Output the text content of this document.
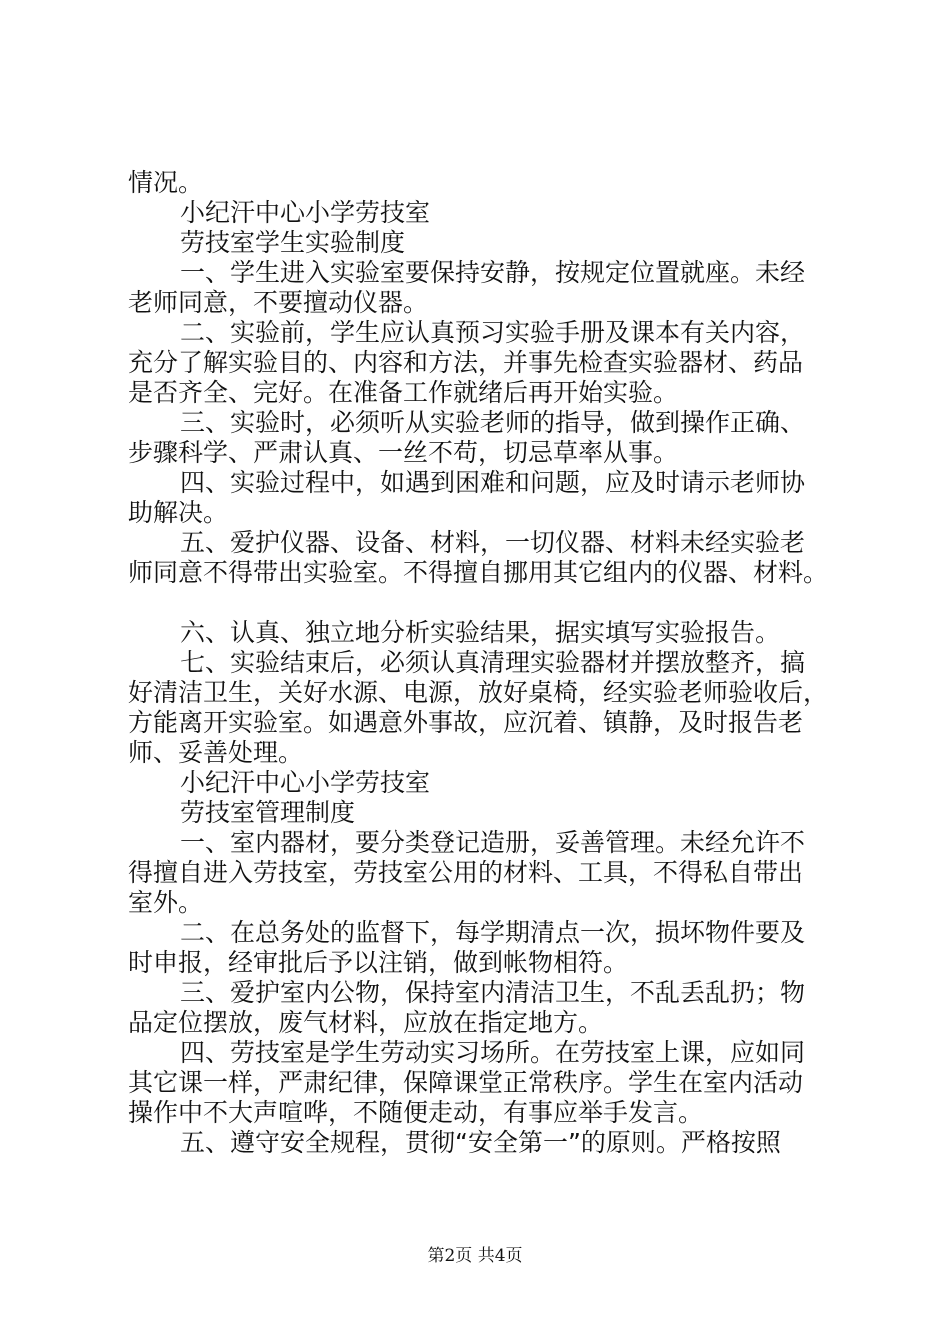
情况。
小纪汗中心小学劳技室
劳技室学生实验制度
一、学生进入实验室要保持安静，按规定位置就座。未经
老师同意，不要擅动仪器。
二、实验前，学生应认真预习实验手册及课本有关内容，
充分了解实验目的、内容和方法，并事先检查实验器材、药品
是否齐全、完好。在准备工作就绪后再开始实验。
三、实验时，必须听从实验老师的指导，做到操作正确、
步骤科学、严肃认真、一丝不苟，切忌草率从事。
四、实验过程中，如遇到困难和问题，应及时请示老师协
助解决。
五、爱护仪器、设备、材料，一切仪器、材料未经实验老
师同意不得带出实验室。不得擅自挪用其它组内的仪器、材料。
六、认真、独立地分析实验结果，据实填写实验报告。
七、实验结束后，必须认真清理实验器材并摆放整齐，搞
好清洁卫生，关好水源、电源，放好桌椅，经实验老师验收后，
方能离开实验室。如遇意外事故，应沉着、镇静，及时报告老
师、妥善处理。
小纪汗中心小学劳技室
劳技室管理制度
一、室内器材，要分类登记造册，妥善管理。未经允许不
得擅自进入劳技室，劳技室公用的材料、工具，不得私自带出
室外。
二、在总务处的监督下，每学期清点一次，损坏物件要及
时申报，经审批后予以注销，做到帐物相符。
三、爱护室内公物，保持室内清洁卫生，不乱丢乱扔；物
品定位摆放，废气材料，应放在指定地方。
四、劳技室是学生劳动实习场所。在劳技室上课，应如同
其它课一样，严肃纪律，保障课堂正常秩序。学生在室内活动
操作中不大声喧哗，不随便走动，有事应举手发言。
五、遵守安全规程，贯彻“安全第一”的原则。严格按照
第2页 共4页
